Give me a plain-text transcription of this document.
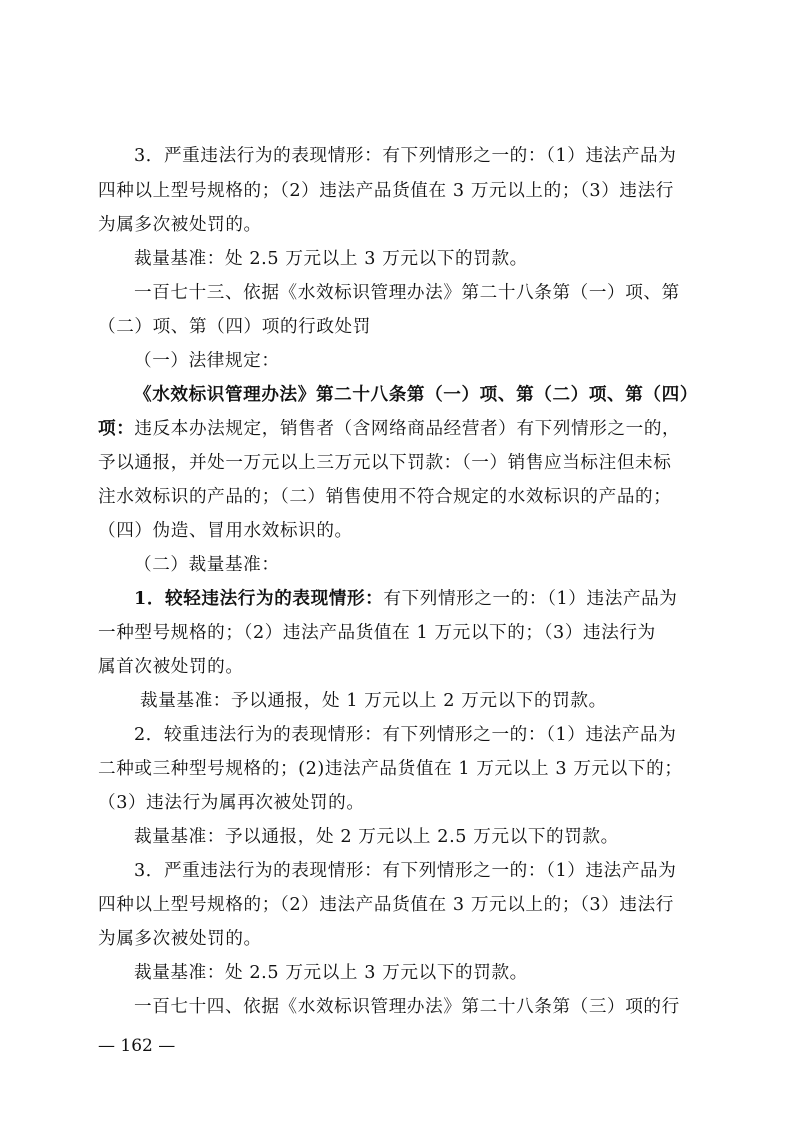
3．严重违法行为的表现情形：有下列情形之一的：（1）违法产品为

四种以上型号规格的；（2）违法产品货值在 3 万元以上的；（3）违法行

为属多次被处罚的。

裁量基准：处 2.5 万元以上 3 万元以下的罚款。

一百七十三、依据《水效标识管理办法》第二十八条第（一）项、第

（二）项、第（四）项的行政处罚

（一）法律规定：

《水效标识管理办法》第二十八条第（一）项、第（二）项、第（四）

项：违反本办法规定，销售者（含网络商品经营者）有下列情形之一的，

予以通报，并处一万元以上三万元以下罚款：（一）销售应当标注但未标

注水效标识的产品的；（二）销售使用不符合规定的水效标识的产品的；

（四）伪造、冒用水效标识的。

（二）裁量基准：

1．较轻违法行为的表现情形：有下列情形之一的：（1）违法产品为

一种型号规格的；（2）违法产品货值在 1 万元以下的；（3）违法行为

属首次被处罚的。

裁量基准：予以通报，处 1 万元以上 2 万元以下的罚款。

2．较重违法行为的表现情形：有下列情形之一的：（1）违法产品为

二种或三种型号规格的；(2)违法产品货值在 1 万元以上 3 万元以下的；

（3）违法行为属再次被处罚的。

裁量基准：予以通报，处 2 万元以上 2.5 万元以下的罚款。

3．严重违法行为的表现情形：有下列情形之一的：（1）违法产品为

四种以上型号规格的；（2）违法产品货值在 3 万元以上的；（3）违法行

为属多次被处罚的。

裁量基准：处 2.5 万元以上 3 万元以下的罚款。

一百七十四、依据《水效标识管理办法》第二十八条第（三）项的行

— 162 —
